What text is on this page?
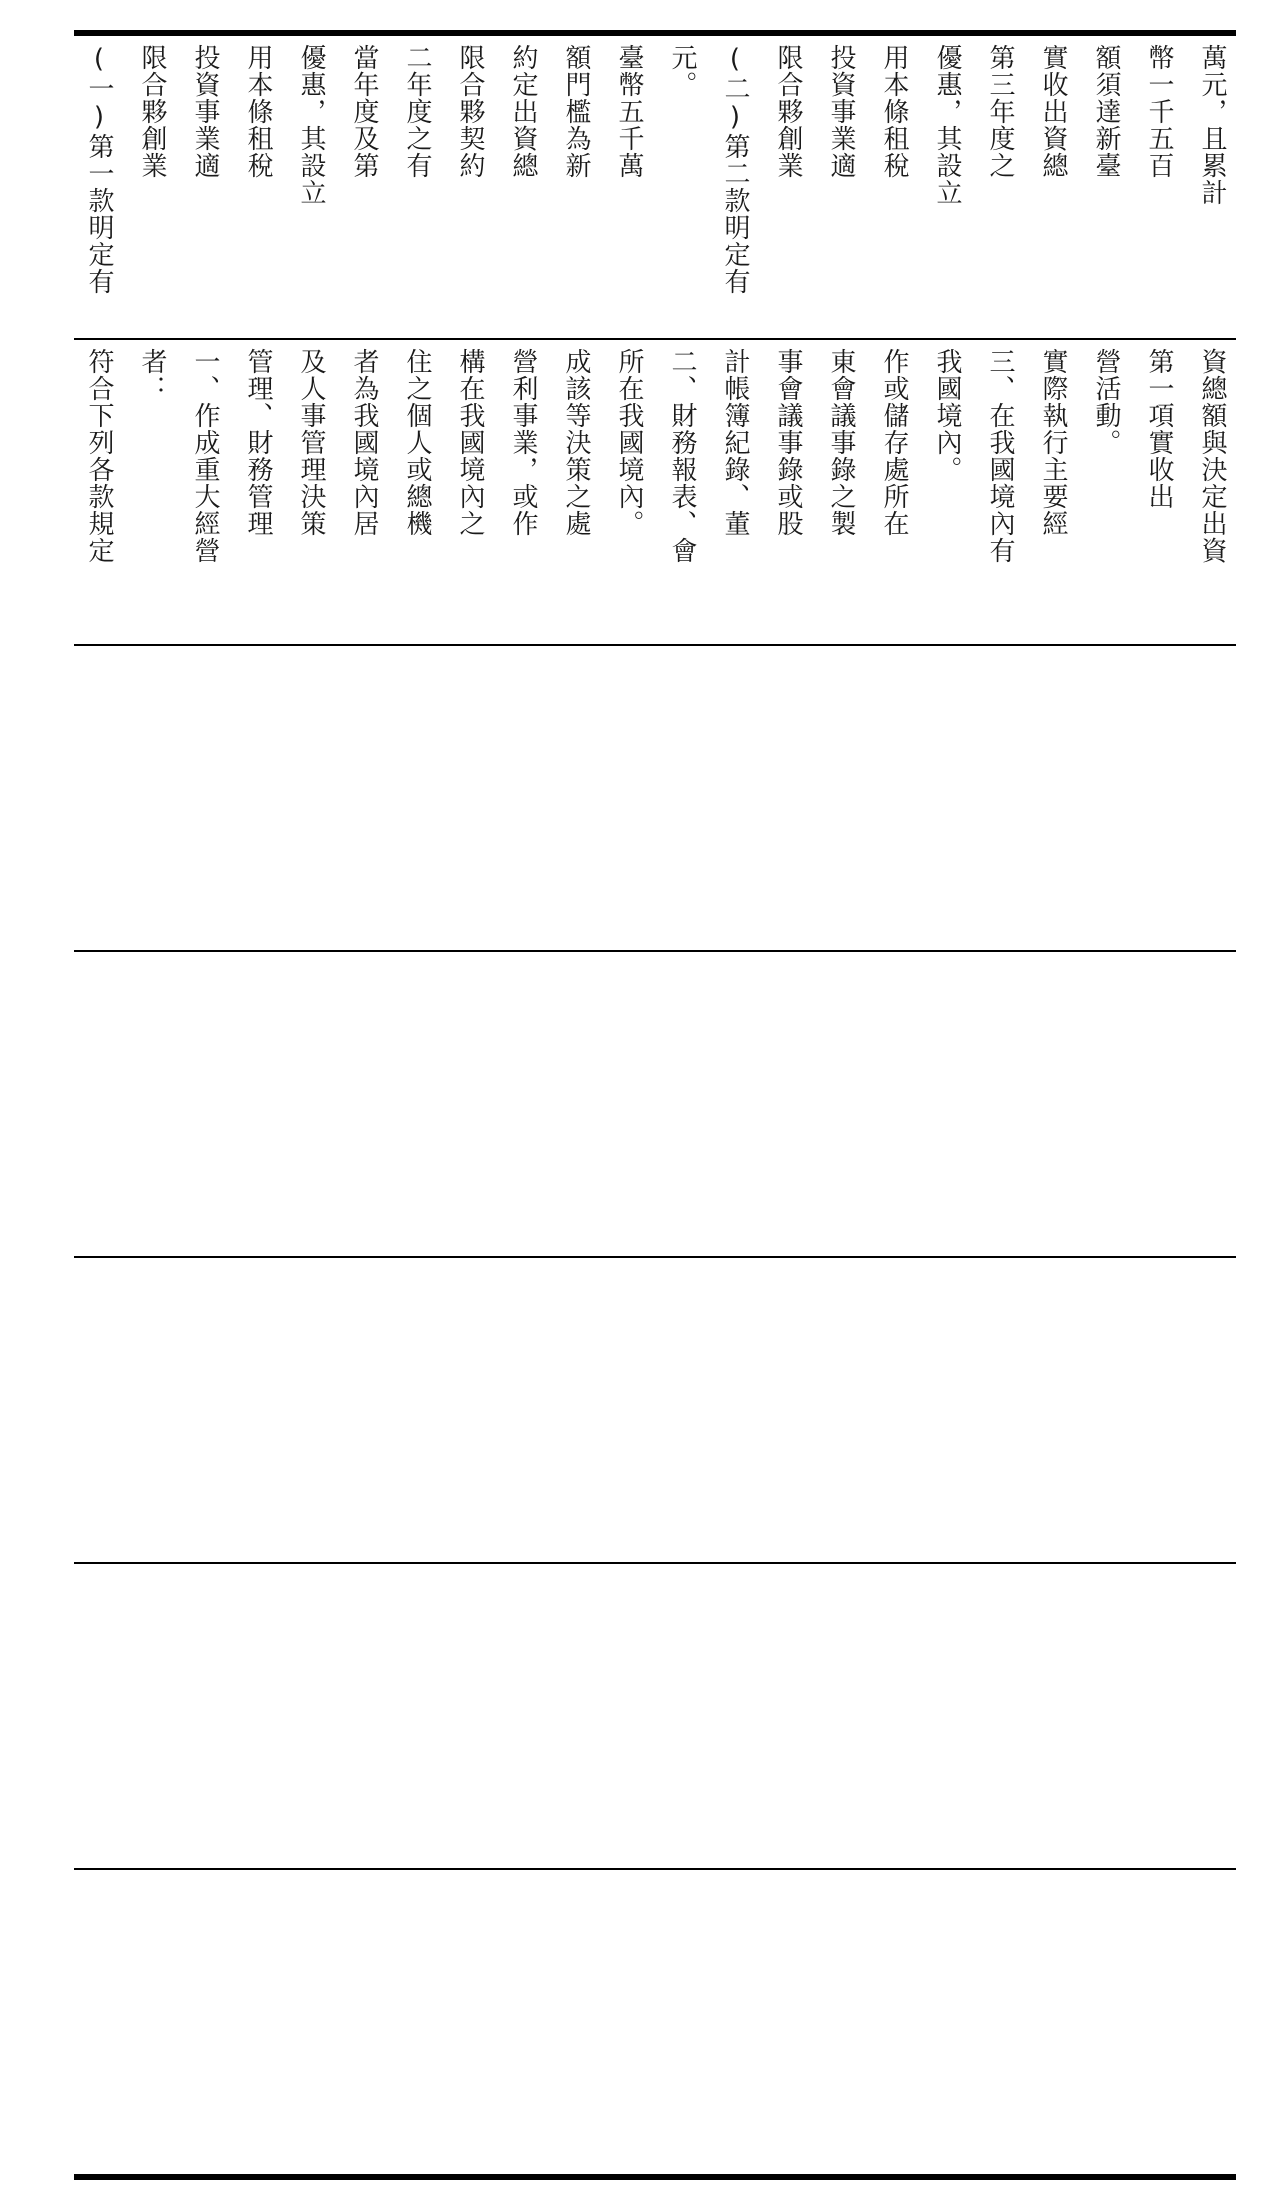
(一)第一款明定有 限合夥創業 投資事業適 用本條租稅 優惠，其設立 當年度及第 二年度之有 限合夥契約 約定出資總 額門檻為新 臺幣五千萬 元。 (二)第二款明定有 限合夥創業 投資事業適 用本條租稅 優惠，其設立 第三年度之 實收出資總 額須達新臺 幣一千五百 萬元，且累計
符合下列各款規定 者： 一、作成重大經營 管理、財務管理 及人事管理決策 者為我國境內居 住之個人或總機 構在我國境內之 營利事業，或作 成該等決策之處 所在我國境內。 二、財務報表、會 計帳簿紀錄、董 事會議事錄或股 東會議事錄之製 作或儲存處所在 我國境內。 三、在我國境內有 實際執行主要經 營活動。 第一項實收出 資總額與決定出資
